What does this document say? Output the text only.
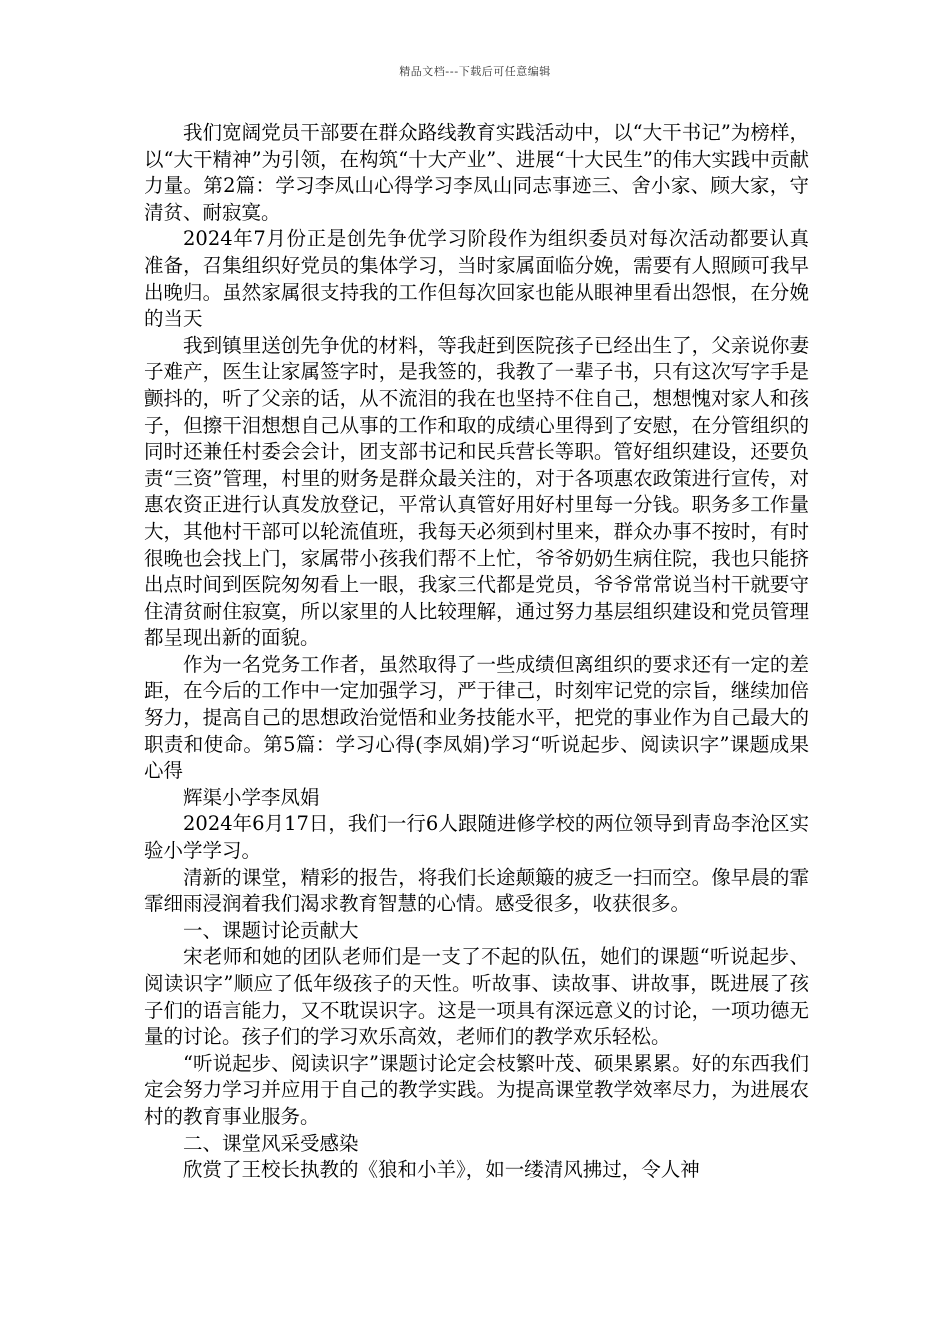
精品文档---下载后可任意编辑

我们宽阔党员干部要在群众路线教育实践活动中，以“大干书记”为榜样，以“大干精神”为引领，在构筑“十大产业”、进展“十大民生”的伟大实践中贡献力量。第2篇：学习李凤山心得学习李凤山同志事迹三、舍小家、顾大家，守清贫、耐寂寞。

2024年7月份正是创先争优学习阶段作为组织委员对每次活动都要认真准备，召集组织好党员的集体学习，当时家属面临分娩，需要有人照顾可我早出晚归。虽然家属很支持我的工作但每次回家也能从眼神里看出怨恨，在分娩的当天

我到镇里送创先争优的材料，等我赶到医院孩子已经出生了，父亲说你妻子难产，医生让家属签字时，是我签的，我教了一辈子书，只有这次写字手是颤抖的，听了父亲的话，从不流泪的我在也坚持不住自己，想想愧对家人和孩子，但擦干泪想想自己从事的工作和取的成绩心里得到了安慰，在分管组织的同时还兼任村委会会计，团支部书记和民兵营长等职。管好组织建设，还要负责“三资”管理，村里的财务是群众最关注的，对于各项惠农政策进行宣传，对惠农资正进行认真发放登记，平常认真管好用好村里每一分钱。职务多工作量大，其他村干部可以轮流值班，我每天必须到村里来，群众办事不按时，有时很晚也会找上门，家属带小孩我们帮不上忙，爷爷奶奶生病住院，我也只能挤出点时间到医院匆匆看上一眼，我家三代都是党员，爷爷常常说当村干就要守住清贫耐住寂寞，所以家里的人比较理解，通过努力基层组织建设和党员管理都呈现出新的面貌。

作为一名党务工作者，虽然取得了一些成绩但离组织的要求还有一定的差距，在今后的工作中一定加强学习，严于律己，时刻牢记党的宗旨，继续加倍努力，提高自己的思想政治觉悟和业务技能水平，把党的事业作为自己最大的职责和使命。第5篇：学习心得(李凤娟)学习“听说起步、阅读识字”课题成果心得

辉渠小学李凤娟

2024年6月17日，我们一行6人跟随进修学校的两位领导到青岛李沧区实验小学学习。

清新的课堂，精彩的报告，将我们长途颠簸的疲乏一扫而空。像早晨的霏霏细雨浸润着我们渴求教育智慧的心情。感受很多，收获很多。

一、课题讨论贡献大

宋老师和她的团队老师们是一支了不起的队伍，她们的课题“听说起步、阅读识字”顺应了低年级孩子的天性。听故事、读故事、讲故事，既进展了孩子们的语言能力，又不耽误识字。这是一项具有深远意义的讨论，一项功德无量的讨论。孩子们的学习欢乐高效，老师们的教学欢乐轻松。

“听说起步、阅读识字”课题讨论定会枝繁叶茂、硕果累累。好的东西我们定会努力学习并应用于自己的教学实践。为提高课堂教学效率尽力，为进展农村的教育事业服务。

二、课堂风采受感染

欣赏了王校长执教的《狼和小羊》，如一缕清风拂过，令人神
